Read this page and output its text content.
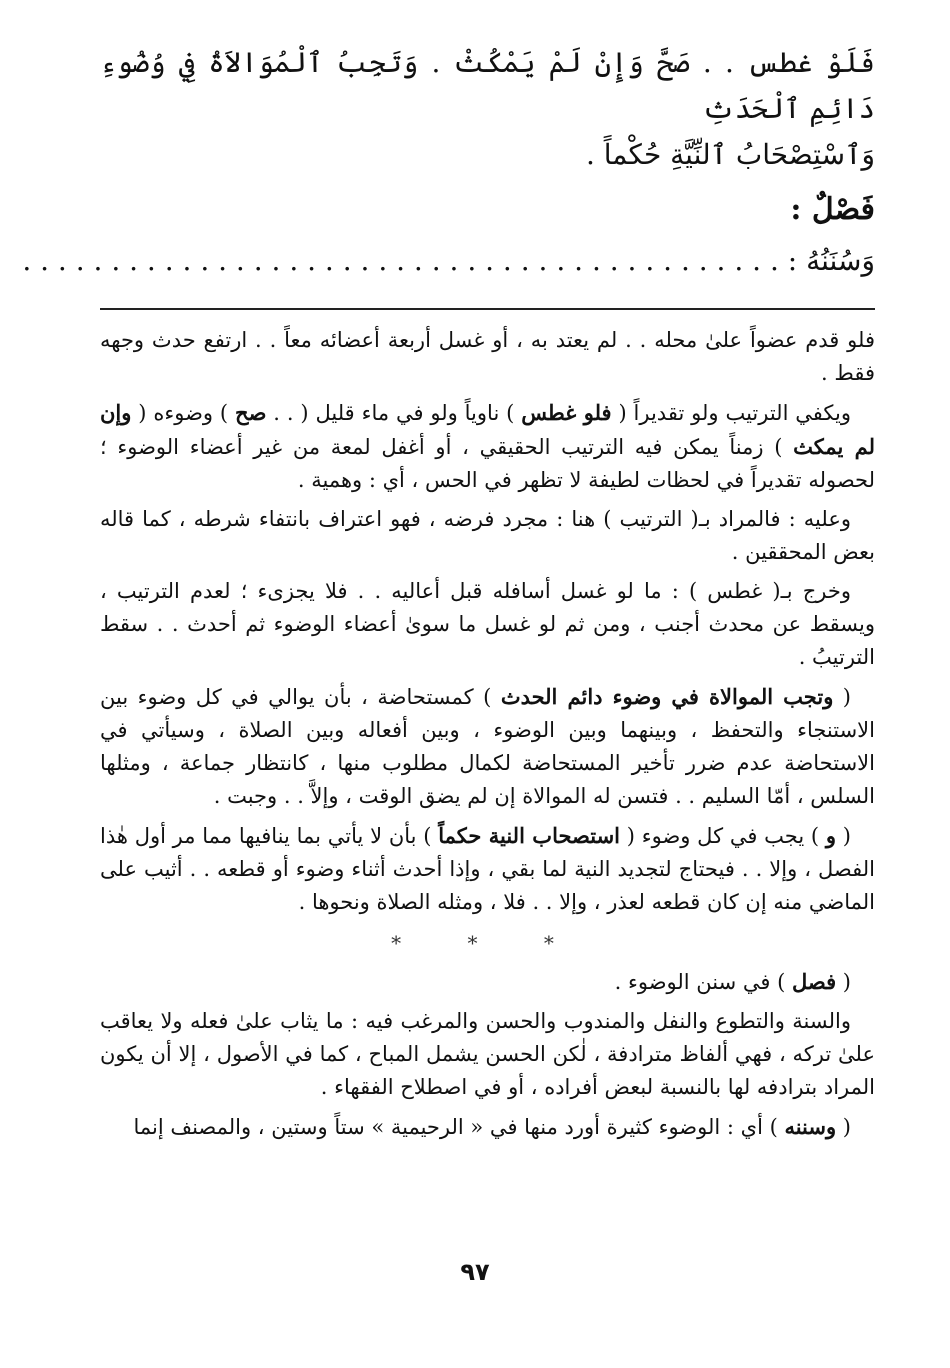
فَلَوْ غطس . . صَحَّ وَإِنْ لَمْ يَمْكُثْ . وَتَجِبُ ٱلْمُوَالاَةُ فِي وُضُوءِ دَائِمِ ٱلْحَدَثِ

وَٱسْتِصْحَابُ ٱلنِّيَّةِ حُكْماً .

فَصْلٌ :

وَسُنَنُهُ : . . . . . . . . . . . . . . . . . . . . . . . . . . . . . . . . . . . . . . . . . . .

فلو قدم عضواً علىٰ محله . . لم يعتد به ، أو غسل أربعة أعضائه معاً . . ارتفع حدث وجهه فقط .

ويكفي الترتيب ولو تقديراً ( فلو غطس ) ناوياً ولو في ماء قليل ( . . صح ) وضوءه ( وإن لم يمكث ) زمناً يمكن فيه الترتيب الحقيقي ، أو أغفل لمعة من غير أعضاء الوضوء ؛ لحصوله تقديراً في لحظات لطيفة لا تظهر في الحس ، أي : وهمية .

وعليه : فالمراد بـ( الترتيب ) هنا : مجرد فرضه ، فهو اعتراف بانتفاء شرطه ، كما قاله بعض المحققين .

وخرج بـ( غطس ) : ما لو غسل أسافله قبل أعاليه . . فلا يجزىء ؛ لعدم الترتيب ، ويسقط عن محدث أجنب ، ومن ثم لو غسل ما سوىٰ أعضاء الوضوء ثم أحدث . . سقط الترتيبُ .

( وتجب الموالاة في وضوء دائم الحدث ) كمستحاضة ، بأن يوالي في كل وضوء بين الاستنجاء والتحفظ ، وبينهما وبين الوضوء ، وبين أفعاله وبين الصلاة ، وسيأتي في الاستحاضة عدم ضرر تأخير المستحاضة لكمال مطلوب منها ، كانتظار جماعة ، ومثلها السلس ، أمّا السليم . . فتسن له الموالاة إن لم يضق الوقت ، وإلاَّ . . وجبت .

( و ) يجب في كل وضوء ( استصحاب النية حكماً ) بأن لا يأتي بما ينافيها مما مر أول هٰذا الفصل ، وإلا . . فيحتاج لتجديد النية لما بقي ، وإذا أحدث أثناء وضوء أو قطعه . . أثيب على الماضي منه إن كان قطعه لعذر ، وإلا . . فلا ، ومثله الصلاة ونحوها .

* * *

( فصل ) في سنن الوضوء .

والسنة والتطوع والنفل والمندوب والحسن والمرغب فيه : ما يثاب علىٰ فعله ولا يعاقب علىٰ تركه ، فهي ألفاظ مترادفة ، لٰكن الحسن يشمل المباح ، كما في الأصول ، إلا أن يكون المراد بترادفه لها بالنسبة لبعض أفراده ، أو في اصطلاح الفقهاء .

( وسننه ) أي : الوضوء كثيرة أورد منها في « الرحيمية » ستاً وستين ، والمصنف إنما

٩٧
